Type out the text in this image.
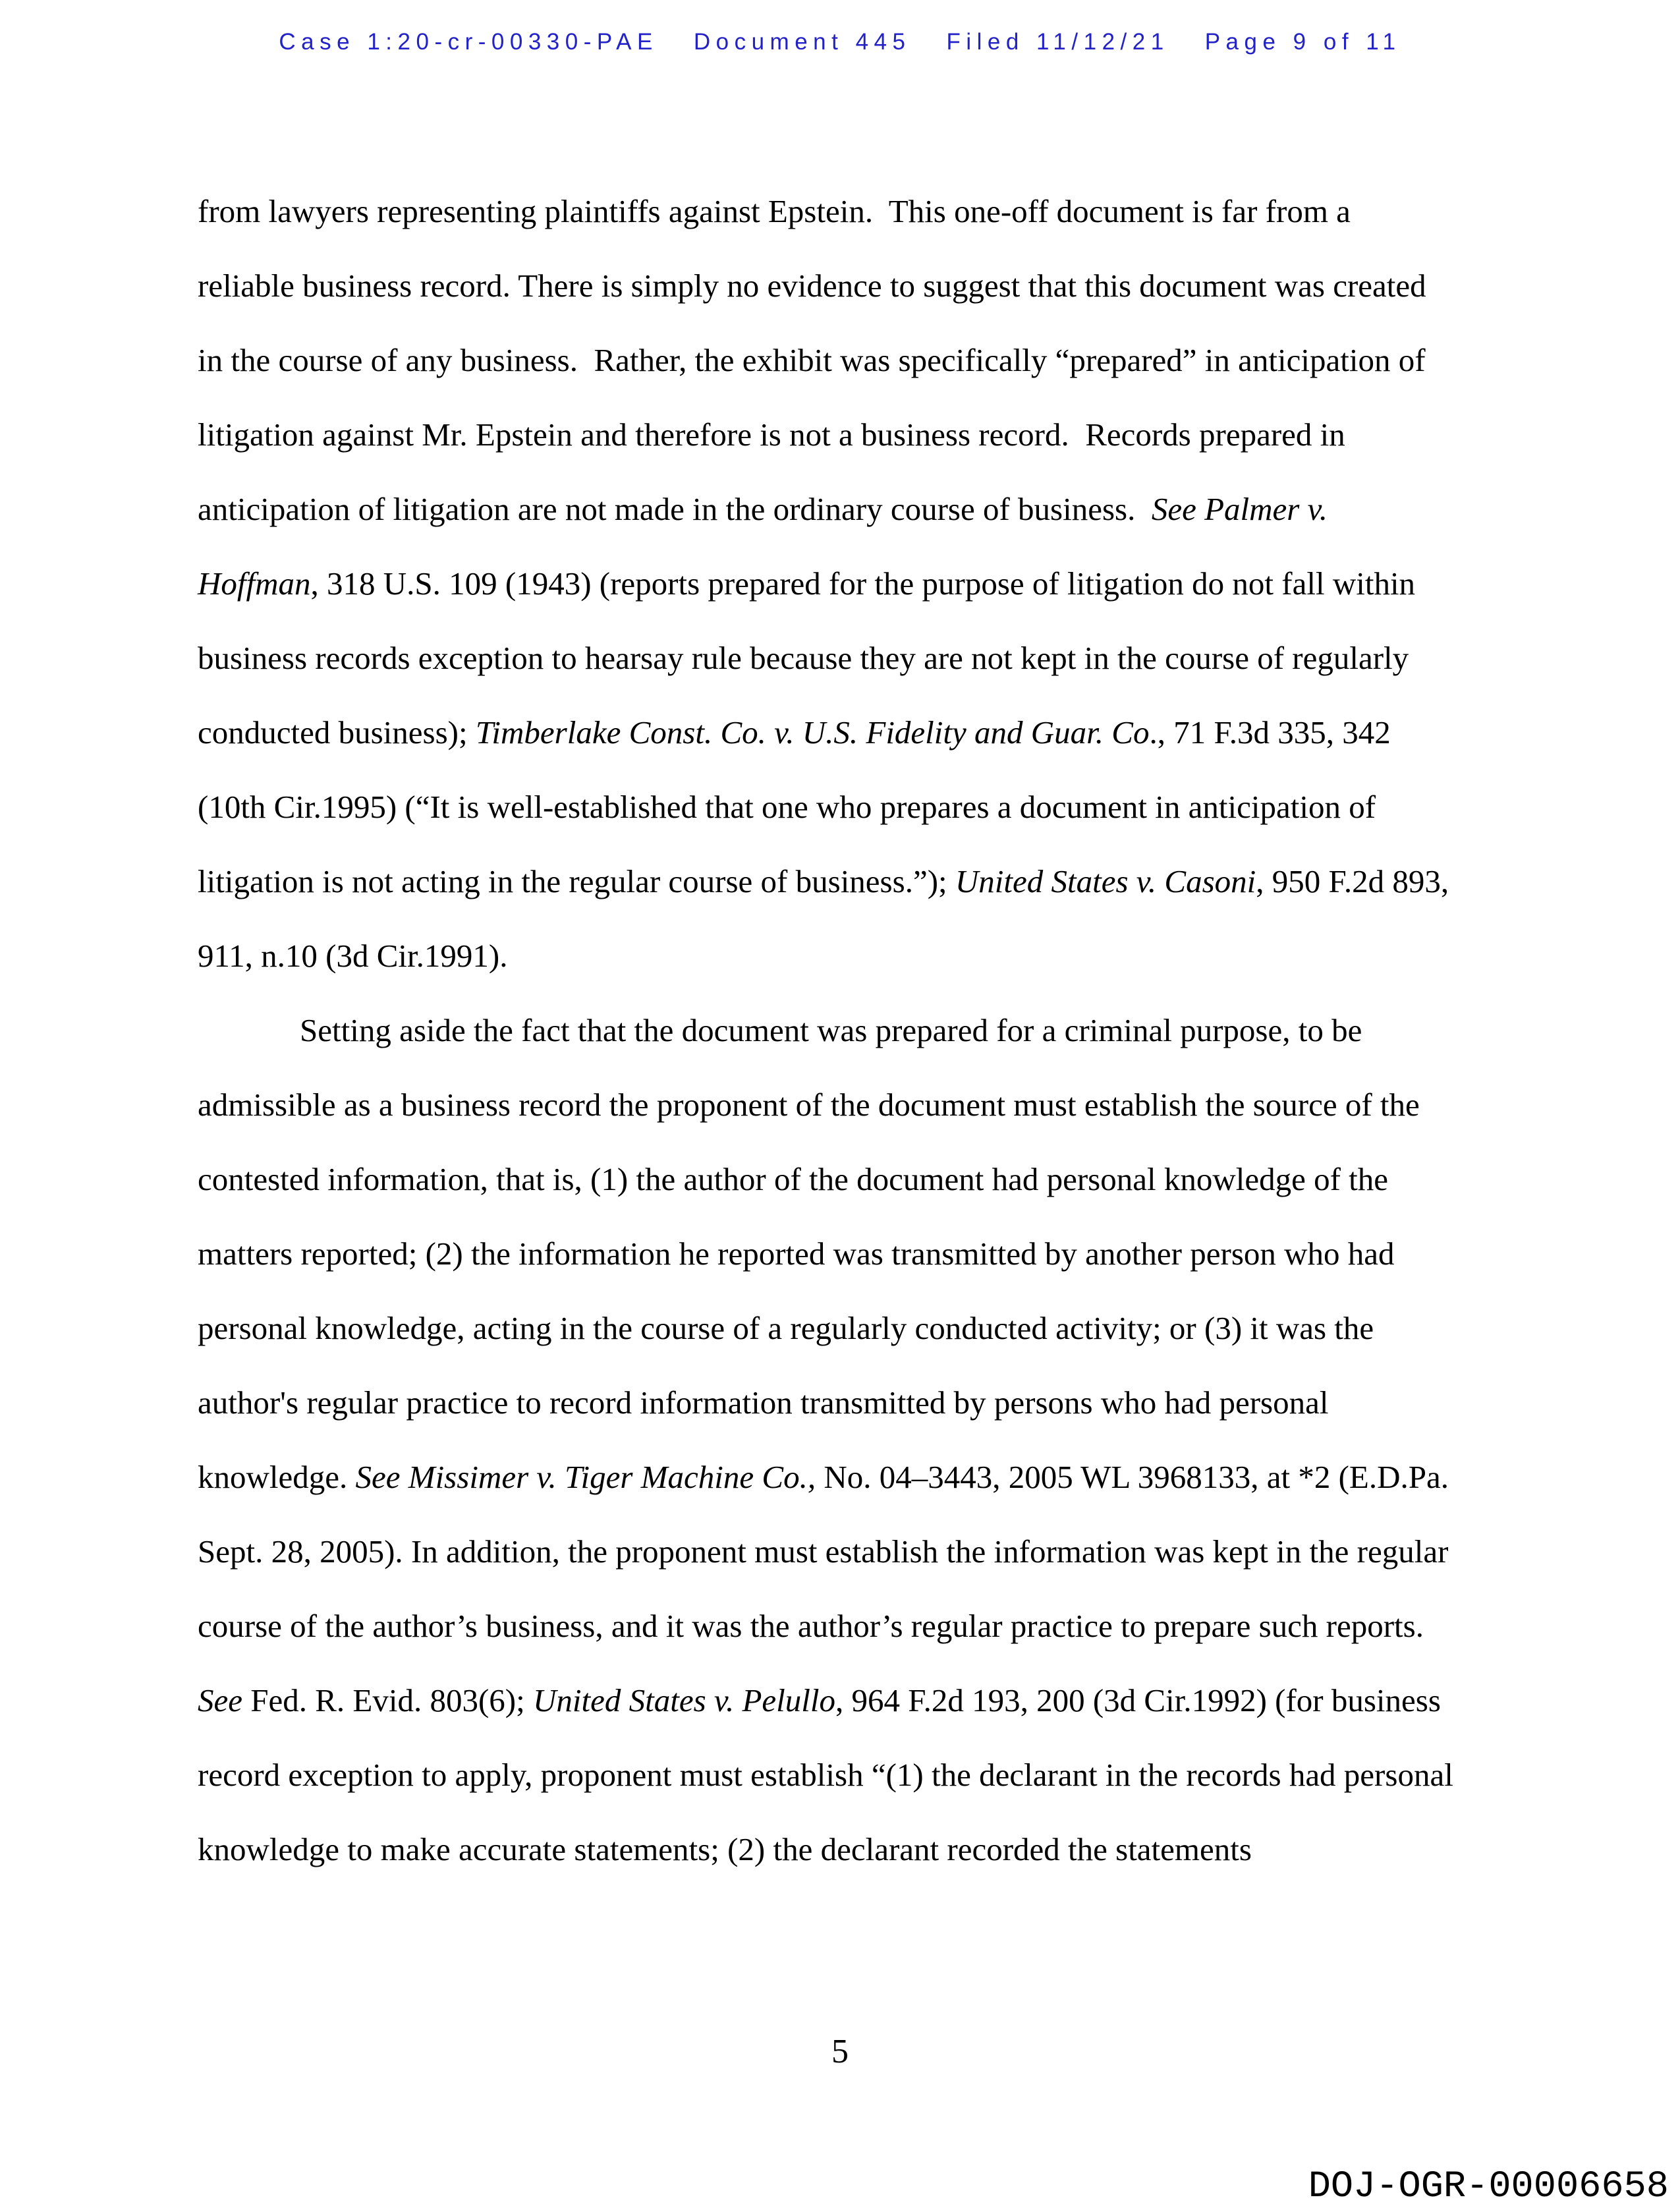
Case 1:20-cr-00330-PAE Document 445 Filed 11/12/21 Page 9 of 11
from lawyers representing plaintiffs against Epstein.  This one-off document is far from a
reliable business record. There is simply no evidence to suggest that this document was created
in the course of any business.  Rather, the exhibit was specifically “prepared” in anticipation of
litigation against Mr. Epstein and therefore is not a business record.  Records prepared in
anticipation of litigation are not made in the ordinary course of business.  See Palmer v.
Hoffman, 318 U.S. 109 (1943) (reports prepared for the purpose of litigation do not fall within
business records exception to hearsay rule because they are not kept in the course of regularly
conducted business); Timberlake Const. Co. v. U.S. Fidelity and Guar. Co., 71 F.3d 335, 342
(10th Cir.1995) (“It is well-established that one who prepares a document in anticipation of
litigation is not acting in the regular course of business.”); United States v. Casoni, 950 F.2d 893,
911, n.10 (3d Cir.1991).
Setting aside the fact that the document was prepared for a criminal purpose, to be
admissible as a business record the proponent of the document must establish the source of the
contested information, that is, (1) the author of the document had personal knowledge of the
matters reported; (2) the information he reported was transmitted by another person who had
personal knowledge, acting in the course of a regularly conducted activity; or (3) it was the
author's regular practice to record information transmitted by persons who had personal
knowledge. See Missimer v. Tiger Machine Co., No. 04–3443, 2005 WL 3968133, at *2 (E.D.Pa.
Sept. 28, 2005). In addition, the proponent must establish the information was kept in the regular
course of the author’s business, and it was the author’s regular practice to prepare such reports.
See Fed. R. Evid. 803(6); United States v. Pelullo, 964 F.2d 193, 200 (3d Cir.1992) (for business
record exception to apply, proponent must establish “(1) the declarant in the records had personal
knowledge to make accurate statements; (2) the declarant recorded the statements
5
DOJ-OGR-00006658
